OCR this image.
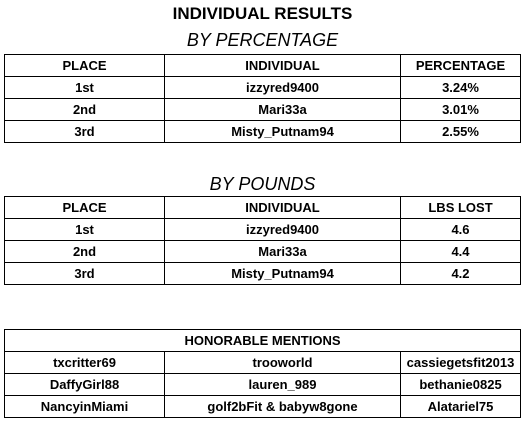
INDIVIDUAL RESULTS
BY PERCENTAGE
PLACE	INDIVIDUAL	PERCENTAGE
1st	izzyred9400	3.24%
2nd	Mari33a	3.01%
3rd	Misty_Putnam94	2.55%
BY POUNDS
PLACE	INDIVIDUAL	LBS LOST
1st	izzyred9400	4.6
2nd	Mari33a	4.4
3rd	Misty_Putnam94	4.2
HONORABLE MENTIONS		
txcritter69	trooworld	cassiegetsfit2013
DaffyGirl88	lauren_989	bethanie0825
NancyinMiami	golf2bFit & babyw8gone	Alatariel75
